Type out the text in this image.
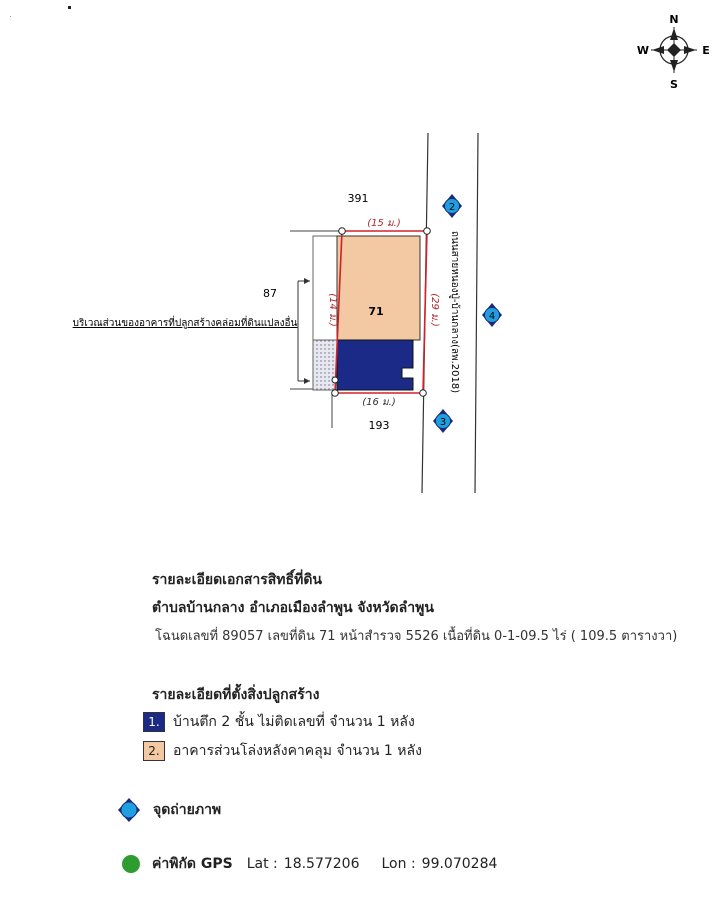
N
S
E
W
ถนนสายหนองปู่-บ้านกลาง(ลพ.2018)
71
(15 ม.)
(16 ม.)
(14 ม.)	(29 ม.)
391
87
193
บริเวณส่วนของอาคารที่ปลูกสร้างคล่อมที่ดินแปลงอื่น
2
3
4
รายละเอียดเอกสารสิทธิ์ที่ดิน
ตำบลบ้านกลาง อำเภอเมืองลำพูน จังหวัดลำพูน
โฉนดเลขที่ 89057 เลขที่ดิน 71 หน้าสำรวจ 5526 เนื้อที่ดิน 0-1-09.5 ไร่ ( 109.5 ตารางวา)
รายละเอียดที่ตั้งสิ่งปลูกสร้าง
1. บ้านตึก 2 ชั้น ไม่ติดเลขที่ จำนวน 1 หลัง
2. อาคารส่วนโล่งหลังคาคลุม จำนวน 1 หลัง
จุดถ่ายภาพ
ค่าพิกัด GPS Lat : 18.577206 Lon : 99.070284
